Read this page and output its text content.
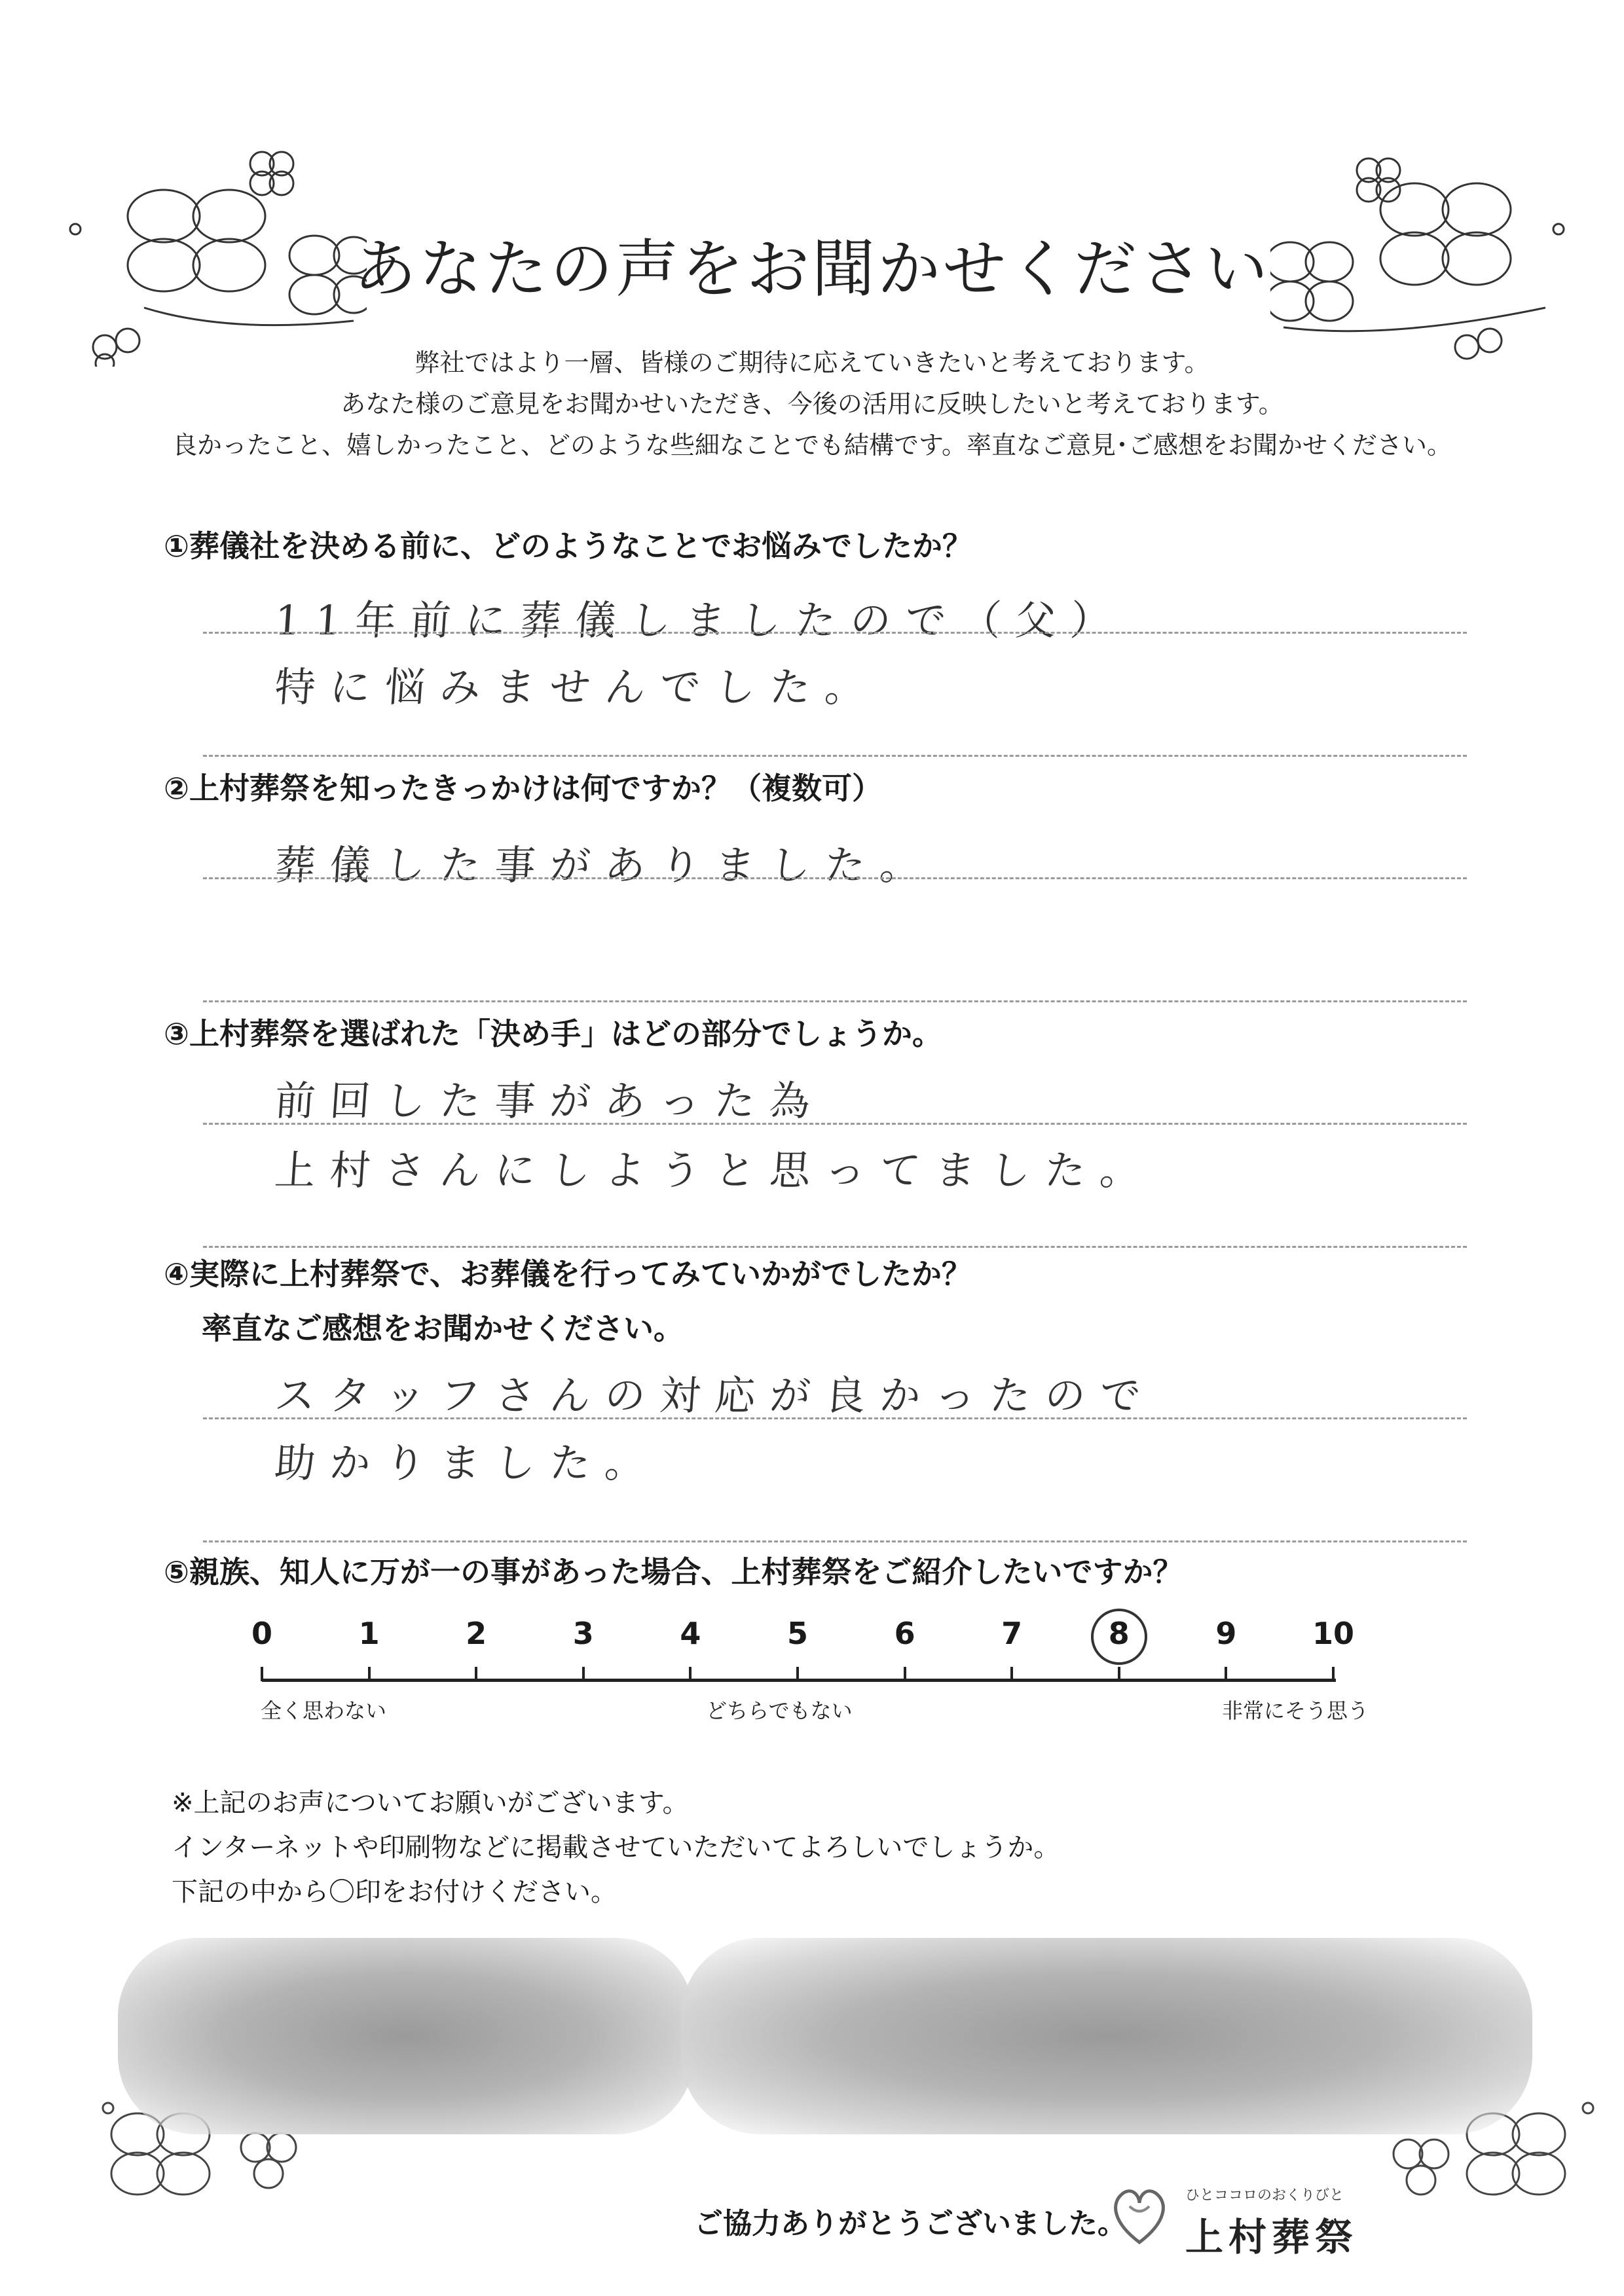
あなたの声をお聞かせください
弊社ではより一層、皆様のご期待に応えていきたいと考えております。
あなた様のご意見をお聞かせいただき、今後の活用に反映したいと考えております。
良かったこと、嬉しかったこと、どのような些細なことでも結構です。率直なご意見･ご感想をお聞かせください。
①葬儀社を決める前に、どのようなことでお悩みでしたか？
11年前に葬儀しましたので（父）
特に悩みませんでした。
②上村葬祭を知ったきっかけは何ですか？（複数可）
葬儀した事がありました。
③上村葬祭を選ばれた「決め手」はどの部分でしょうか。
前回した事があった為
上村さんにしようと思ってました。
④実際に上村葬祭で、お葬儀を行ってみていかがでしたか？
率直なご感想をお聞かせください。
スタッフさんの対応が良かったので
助かりました。
⑤親族、知人に万が一の事があった場合、上村葬祭をご紹介したいですか？
0	1	2	3	4	5	6	7	8	9	10
全く思わない	どちらでもない	非常にそう思う
※上記のお声についてお願いがございます。
インターネットや印刷物などに掲載させていただいてよろしいでしょうか。
下記の中から〇印をお付けください。
ご協力ありがとうございました。
ひとココロのおくりびと
上村葬祭
